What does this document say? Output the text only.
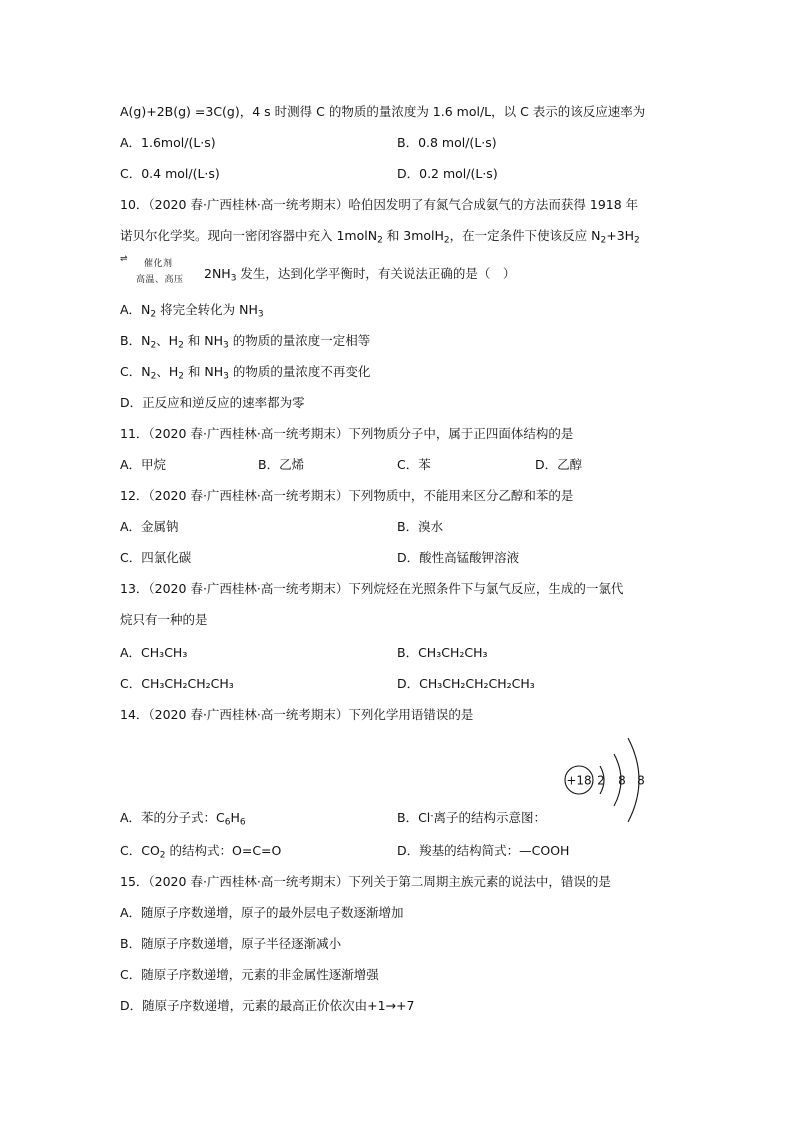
A(g)+2B(g) =3C(g)，4 s 时测得 C 的物质的量浓度为 1.6 mol/L，以 C 表示的该反应速率为
A．1.6mol/(L·s)	B．0.8 mol/(L·s)
C．0.4 mol/(L·s)	D．0.2 mol/(L·s)
10．（2020 春·广西桂林·高一统考期末）哈伯因发明了有氮气合成氨气的方法而获得 1918 年
诺贝尔化学奖。现向一密闭容器中充入 1molN$_2$ 和 3molH$_2$，在一定条件下使该反应 $N_2+3H_2$
⇌ 催化剂
高温、高压 $2NH_3$ 发生，达到化学平衡时，有关说法正确的是（　）
A．$N_2$ 将完全转化为 $NH_3$
B．$N_2$、$H_2$ 和 $NH_3$ 的物质的量浓度一定相等
C．$N_2$、$H_2$ 和 $NH_3$ 的物质的量浓度不再变化
D．正反应和逆反应的速率都为零
11．（2020 春·广西桂林·高一统考期末）下列物质分子中，属于正四面体结构的是
A．甲烷	B．乙烯	C．苯	D．乙醇
12．（2020 春·广西桂林·高一统考期末）下列物质中，不能用来区分乙醇和苯的是
A．金属钠	B．溴水
C．四氯化碳	D．酸性高锰酸钾溶液
13．（2020 春·广西桂林·高一统考期末）下列烷烃在光照条件下与氯气反应，生成的一氯代
烷只有一种的是
A．CH₃CH₃	B．CH₃CH₂CH₃
C．CH₃CH₂CH₂CH₃	D．CH₃CH₂CH₂CH₂CH₃
14．（2020 春·广西桂林·高一统考期末）下列化学用语错误的是
+18 2 8 8
A．苯的分子式：$C_6H_6$	B．Cl-离子的结构示意图：
C．$CO_2$ 的结构式：O=C=O	D．羧基的结构简式：—COOH
15．（2020 春·广西桂林·高一统考期末）下列关于第二周期主族元素的说法中，错误的是
A．随原子序数递增，原子的最外层电子数逐渐增加
B．随原子序数递增，原子半径逐渐减小
C．随原子序数递增，元素的非金属性逐渐增强
D．随原子序数递增，元素的最高正价依次由+1→+7
